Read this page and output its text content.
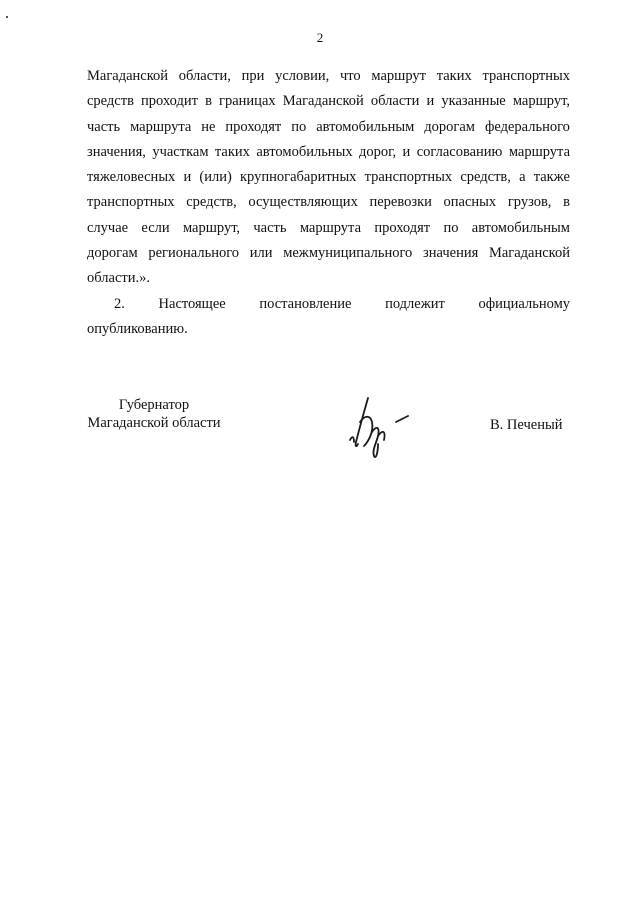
2
Магаданской области, при условии, что маршрут таких транспортных
средств проходит в границах Магаданской области и указанные маршрут,
часть маршрута не проходят по автомобильным дорогам федерального
значения, участкам таких автомобильных дорог, и согласованию маршрута
тяжеловесных и (или) крупногабаритных транспортных средств, а также
транспортных средств, осуществляющих перевозки опасных грузов, в
случае если маршрут, часть маршрута проходят по автомобильным
дорогам регионального или межмуниципального значения Магаданской
области.».
2. Настоящее постановление подлежит официальному
опубликованию.
Губернатор
Магаданской области	В. Печеный
